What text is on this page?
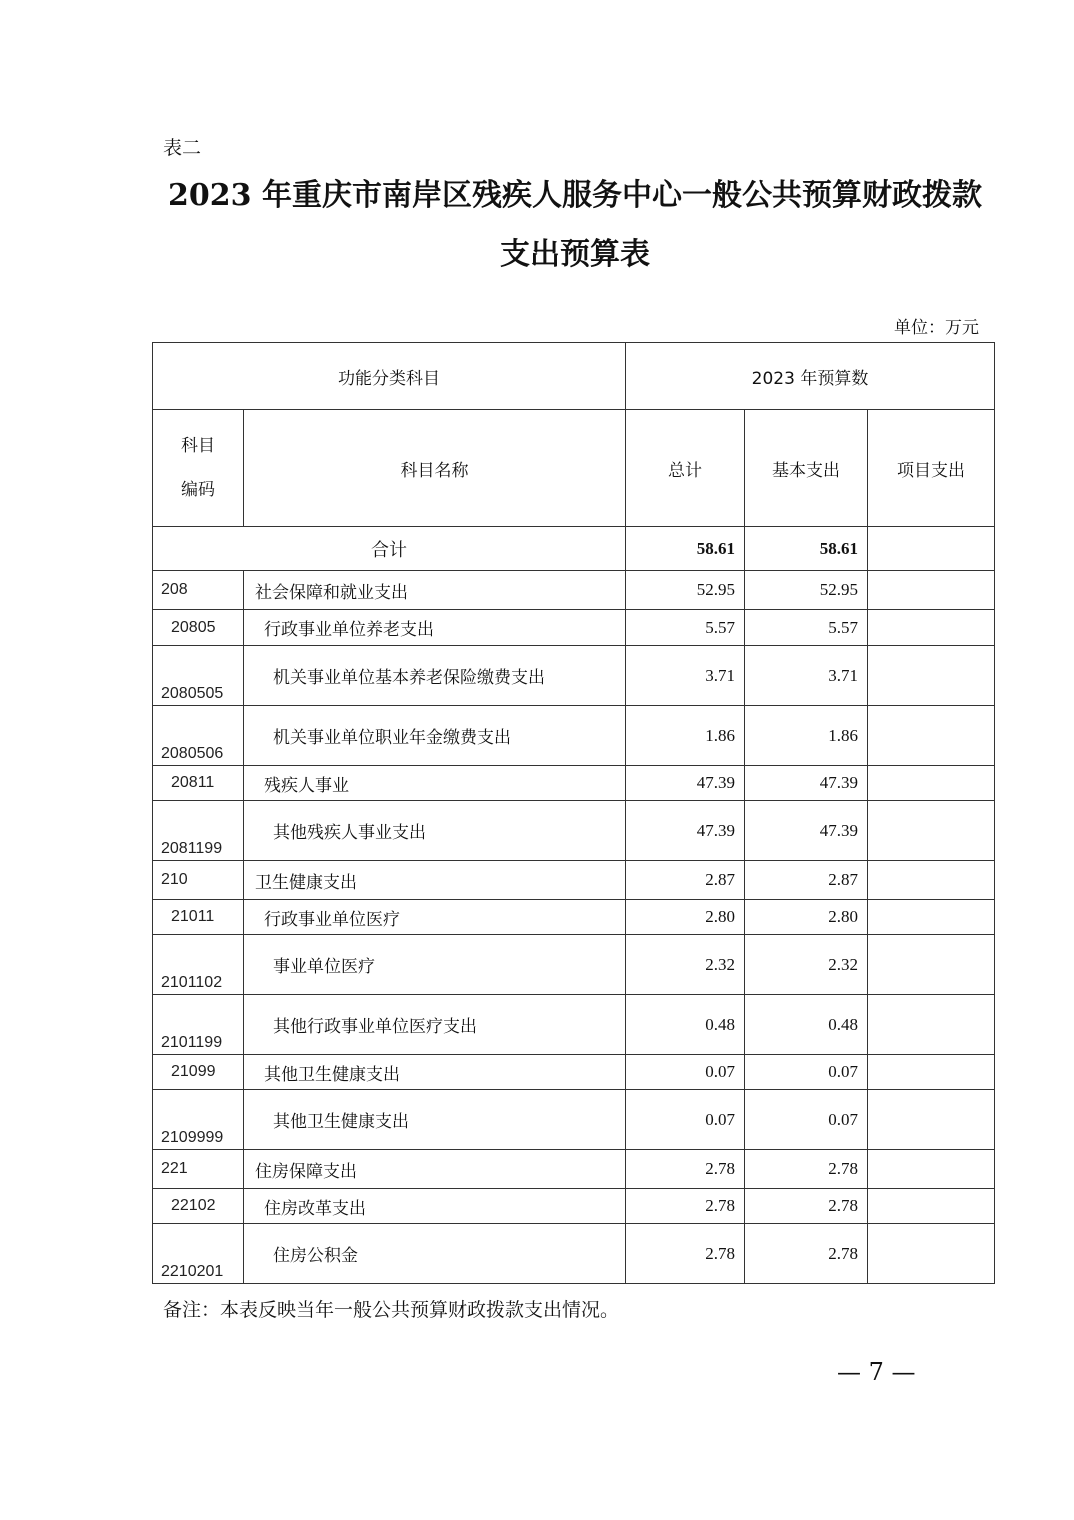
表二
2023 年重庆市南岸区残疾人服务中心一般公共预算财政拨款
支出预算表
单位：万元
功能分类科目		2023 年预算数		

科目
编码	科目名称	总计	基本支出	项目支出
合计		58.61	58.61	
208	社会保障和就业支出	52.95	52.95	
20805	行政事业单位养老支出	5.57	5.57	
2080505	机关事业单位基本养老保险缴费支出	3.71	3.71	
2080506	机关事业单位职业年金缴费支出	1.86	1.86	
20811	残疾人事业	47.39	47.39	
2081199	其他残疾人事业支出	47.39	47.39	
210	卫生健康支出	2.87	2.87	
21011	行政事业单位医疗	2.80	2.80	
2101102	事业单位医疗	2.32	2.32	
2101199	其他行政事业单位医疗支出	0.48	0.48	
21099	其他卫生健康支出	0.07	0.07	
2109999	其他卫生健康支出	0.07	0.07	
221	住房保障支出	2.78	2.78	
22102	住房改革支出	2.78	2.78	
2210201	住房公积金	2.78	2.78	
备注：本表反映当年一般公共预算财政拨款支出情况。
— 7 —
